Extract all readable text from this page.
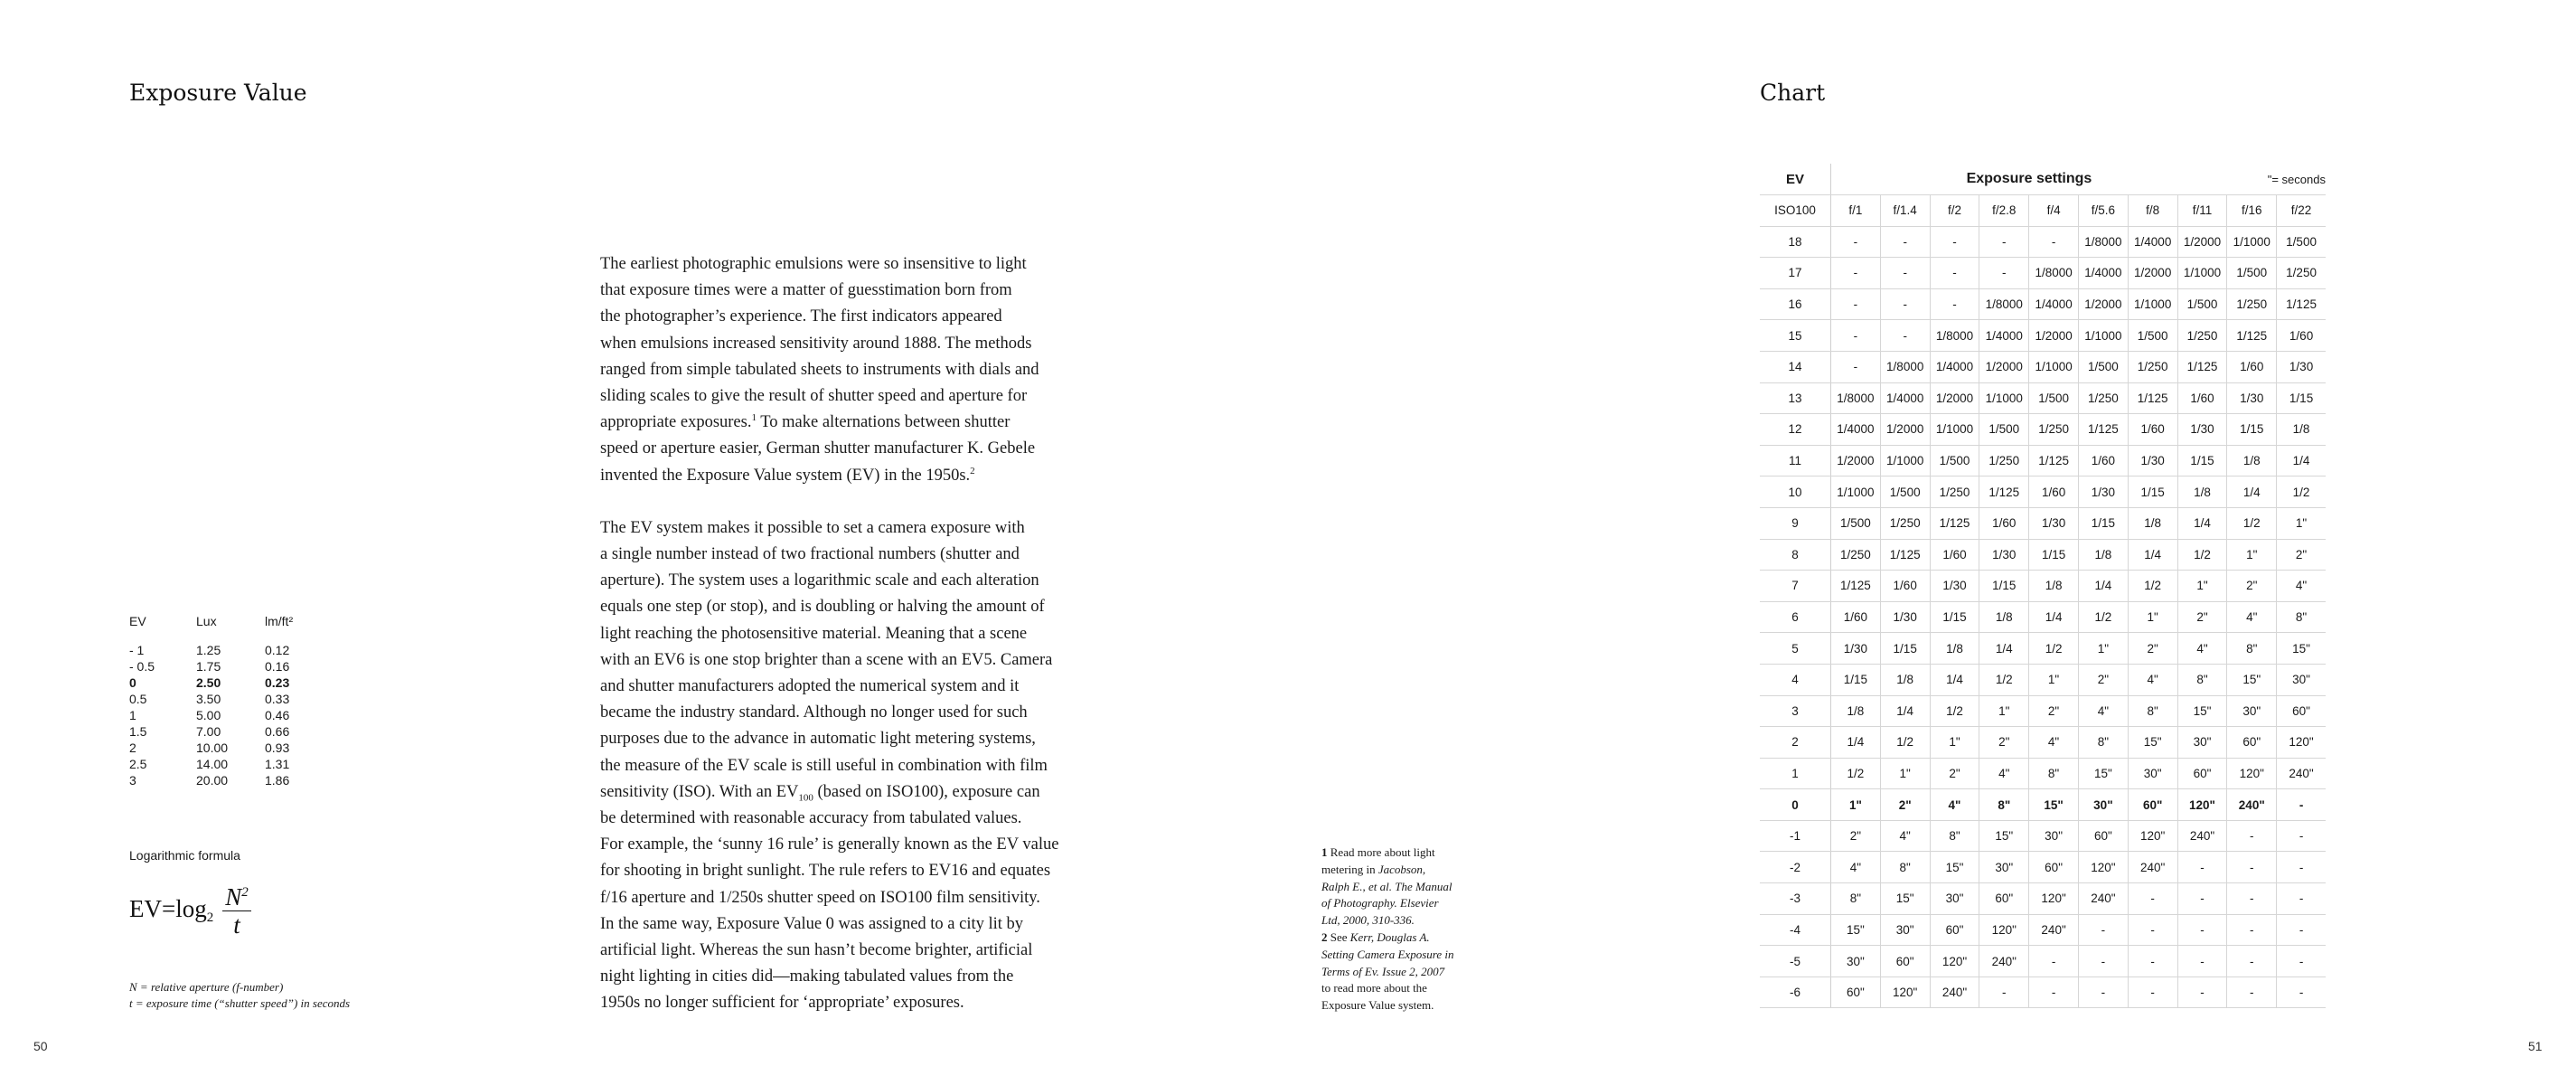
Exposure Value

The earliest photographic emulsions were so insensitive to light

that exposure times were a matter of guesstimation born from

the photographer’s experience. The first indicators appeared

when emulsions increased sensitivity around 1888. The methods

ranged from simple tabulated sheets to instruments with dials and

sliding scales to give the result of shutter speed and aperture for

appropriate exposures.$^1$ To make alternations between shutter

speed or aperture easier, German shutter manufacturer K. Gebele

invented the Exposure Value system (EV) in the 1950s.$^2$

The EV system makes it possible to set a camera exposure with

a single number instead of two fractional numbers (shutter and

aperture). The system uses a logarithmic scale and each alteration

equals one step (or stop), and is doubling or halving the amount of

light reaching the photosensitive material. Meaning that a scene

with an EV6 is one stop brighter than a scene with an EV5. Camera

and shutter manufacturers adopted the numerical system and it

became the industry standard. Although no longer used for such

purposes due to the advance in automatic light metering systems,

the measure of the EV scale is still useful in combination with film

sensitivity (ISO). With an $EV_{100}$ (based on ISO100), exposure can

be determined with reasonable accuracy from tabulated values.

For example, the ‘sunny 16 rule’ is generally known as the EV value

for shooting in bright sunlight. The rule refers to EV16 and equates

f/16 aperture and 1/250s shutter speed on ISO100 film sensitivity.

In the same way, Exposure Value 0 was assigned to a city lit by

artificial light. Whereas the sun hasn’t become brighter, artificial

night lighting in cities did—making tabulated values from the

1950s no longer sufficient for ‘appropriate’ exposures.

EV	Lux	lm/ft²

- 1	1.25	0.12
- 0.5	1.75	0.16
0	2.50	0.23
0.5	3.50	0.33
1	5.00	0.46
1.5	7.00	0.66
2	10.00	0.93
2.5	14.00	1.31
3	20.00	1.86
Logarithmic formula
EV=log $2 \frac{N^2}{t}$
N = relative aperture (f-number)
t = exposure time (“shutter speed”) in seconds
1 Read more about light
metering in Jacobson,
Ralph E., et al. The Manual
of Photography. Elsevier
Ltd, 2000, 310-336.
2 See Kerr, Douglas A.
Setting Camera Exposure in
Terms of Ev. Issue 2, 2007
to read more about the
Exposure Value system.
50
Chart
EV	Exposure settings								"= seconds	
ISO100	f/1	f/1.4	f/2	f/2.8	f/4	f/5.6	f/8	f/11	f/16	f/22
18	-	-	-	-	-	1/8000	1/4000	1/2000	1/1000	1/500
17	-	-	-	-	1/8000	1/4000	1/2000	1/1000	1/500	1/250
16	-	-	-	1/8000	1/4000	1/2000	1/1000	1/500	1/250	1/125
15	-	-	1/8000	1/4000	1/2000	1/1000	1/500	1/250	1/125	1/60
14	-	1/8000	1/4000	1/2000	1/1000	1/500	1/250	1/125	1/60	1/30
13	1/8000	1/4000	1/2000	1/1000	1/500	1/250	1/125	1/60	1/30	1/15
12	1/4000	1/2000	1/1000	1/500	1/250	1/125	1/60	1/30	1/15	1/8
11	1/2000	1/1000	1/500	1/250	1/125	1/60	1/30	1/15	1/8	1/4
10	1/1000	1/500	1/250	1/125	1/60	1/30	1/15	1/8	1/4	1/2
9	1/500	1/250	1/125	1/60	1/30	1/15	1/8	1/4	1/2	1"
8	1/250	1/125	1/60	1/30	1/15	1/8	1/4	1/2	1"	2"
7	1/125	1/60	1/30	1/15	1/8	1/4	1/2	1"	2"	4"
6	1/60	1/30	1/15	1/8	1/4	1/2	1"	2"	4"	8"
5	1/30	1/15	1/8	1/4	1/2	1"	2"	4"	8"	15"
4	1/15	1/8	1/4	1/2	1"	2"	4"	8"	15"	30"
3	1/8	1/4	1/2	1"	2"	4"	8"	15"	30"	60"
2	1/4	1/2	1"	2"	4"	8"	15"	30"	60"	120"
1	1/2	1"	2"	4"	8"	15"	30"	60"	120"	240"
0	1"	2"	4"	8"	15"	30"	60"	120"	240"	-
-1	2"	4"	8"	15"	30"	60"	120"	240"	-	-
-2	4"	8"	15"	30"	60"	120"	240"	-	-	-
-3	8"	15"	30"	60"	120"	240"	-	-	-	-
-4	15"	30"	60"	120"	240"	-	-	-	-	-
-5	30"	60"	120"	240"	-	-	-	-	-	-
-6	60"	120"	240"	-	-	-	-	-	-	-
51
